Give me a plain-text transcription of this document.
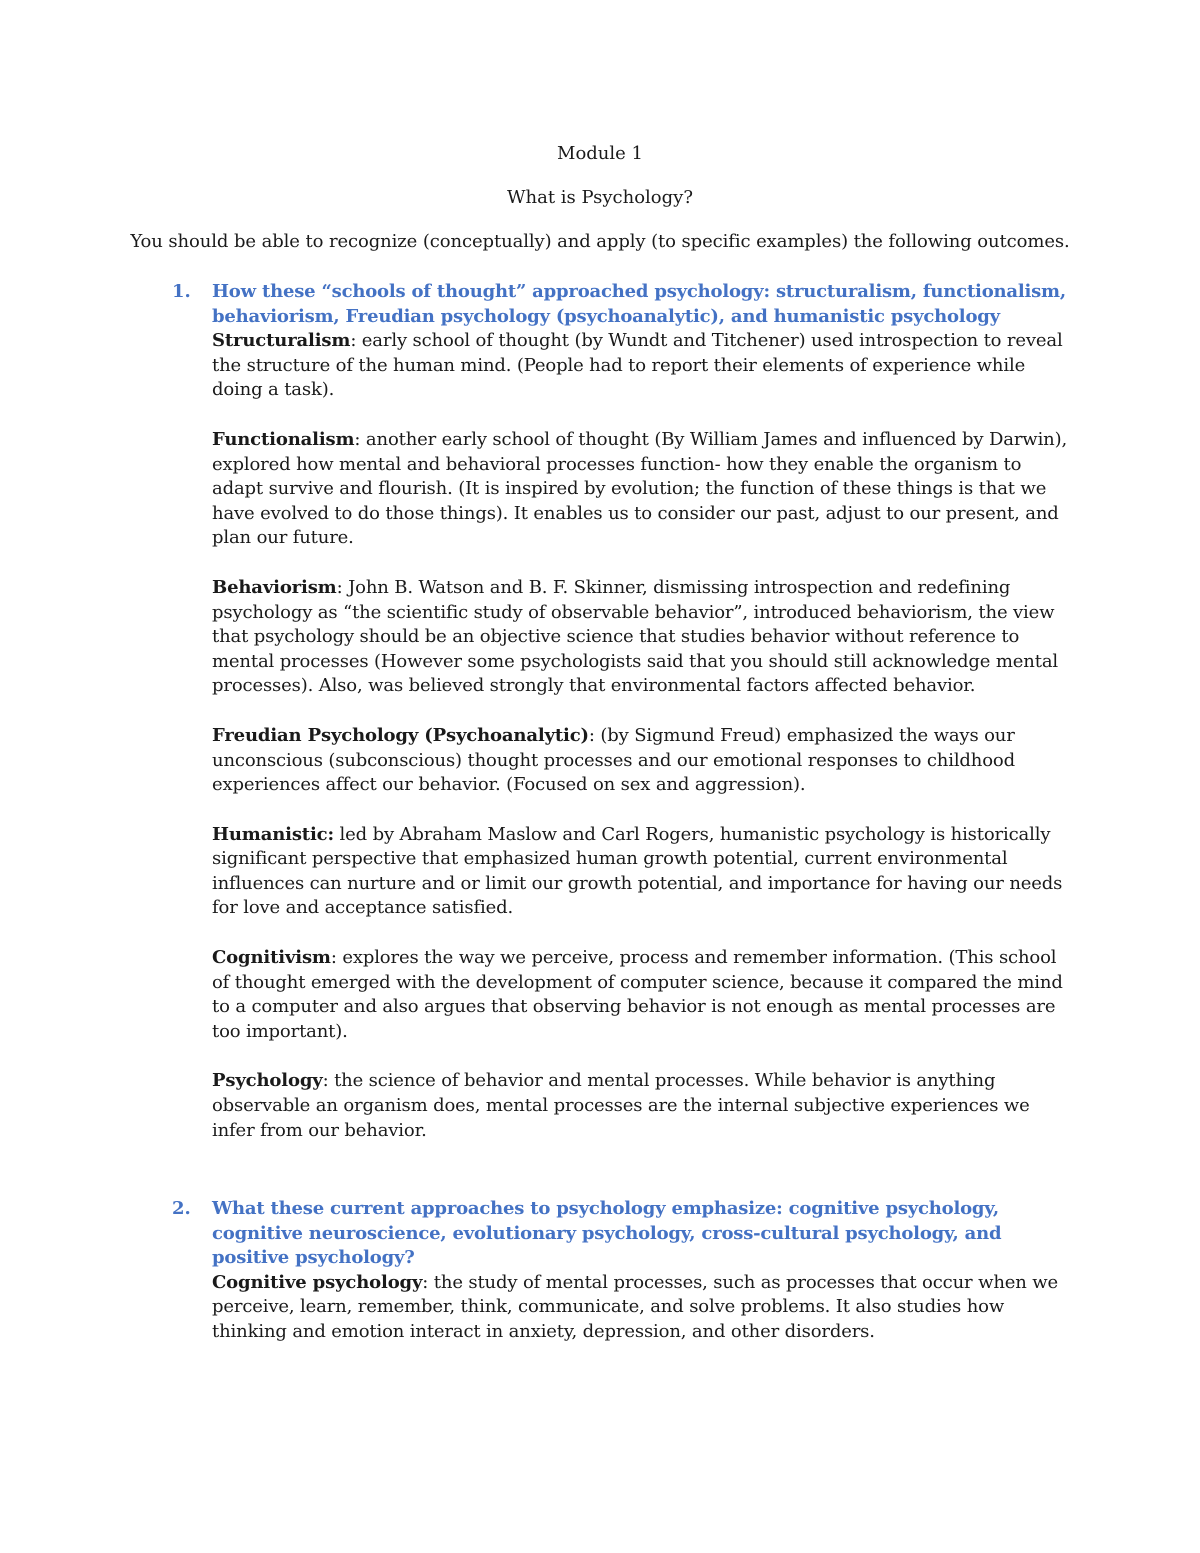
Module 1
What is Psychology?
You should be able to recognize (conceptually) and apply (to specific examples) the following outcomes.
1. How these “schools of thought” approached psychology: structuralism, functionalism, behaviorism, Freudian psychology (psychoanalytic), and humanistic psychology

Structuralism: early school of thought (by Wundt and Titchener) used introspection to reveal the structure of the human mind. (People had to report their elements of experience while doing a task).

Functionalism: another early school of thought (By William James and influenced by Darwin), explored how mental and behavioral processes function- how they enable the organism to adapt survive and flourish. (It is inspired by evolution; the function of these things is that we have evolved to do those things). It enables us to consider our past, adjust to our present, and plan our future.

Behaviorism: John B. Watson and B. F. Skinner, dismissing introspection and redefining psychology as “the scientific study of observable behavior”, introduced behaviorism, the view that psychology should be an objective science that studies behavior without reference to mental processes (However some psychologists said that you should still acknowledge mental processes). Also, was believed strongly that environmental factors affected behavior.

Freudian Psychology (Psychoanalytic): (by Sigmund Freud) emphasized the ways our unconscious (subconscious) thought processes and our emotional responses to childhood experiences affect our behavior. (Focused on sex and aggression).

Humanistic: led by Abraham Maslow and Carl Rogers, humanistic psychology is historically significant perspective that emphasized human growth potential, current environmental influences can nurture and or limit our growth potential, and importance for having our needs for love and acceptance satisfied.

Cognitivism: explores the way we perceive, process and remember information. (This school of thought emerged with the development of computer science, because it compared the mind to a computer and also argues that observing behavior is not enough as mental processes are too important).

Psychology: the science of behavior and mental processes. While behavior is anything observable an organism does, mental processes are the internal subjective experiences we infer from our behavior.

2. What these current approaches to psychology emphasize: cognitive psychology, cognitive neuroscience, evolutionary psychology, cross-cultural psychology, and positive psychology?

Cognitive psychology: the study of mental processes, such as processes that occur when we perceive, learn, remember, think, communicate, and solve problems. It also studies how thinking and emotion interact in anxiety, depression, and other disorders.
